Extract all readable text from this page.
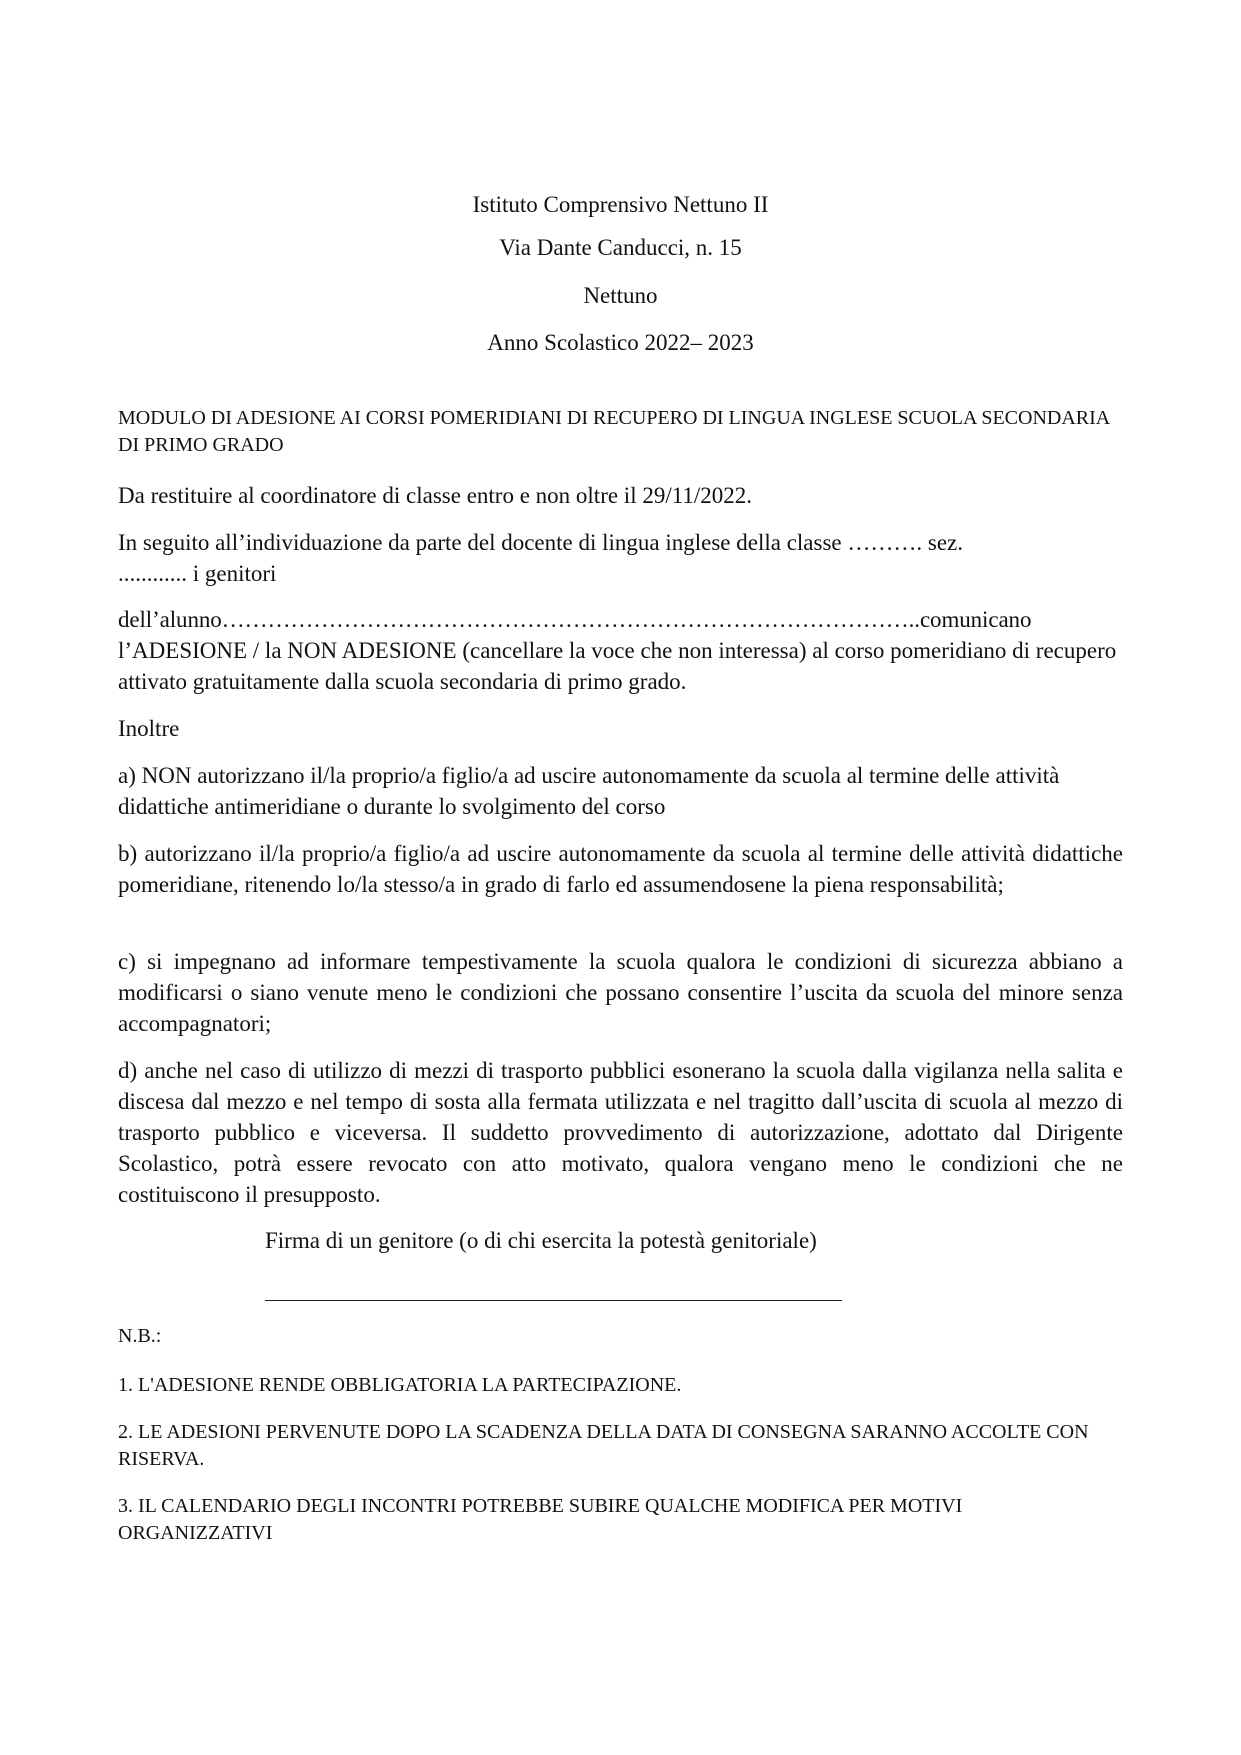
Istituto Comprensivo Nettuno II
Via Dante Canducci, n. 15
Nettuno
Anno Scolastico 2022– 2023
MODULO DI ADESIONE AI CORSI POMERIDIANI DI RECUPERO DI LINGUA INGLESE SCUOLA SECONDARIA DI PRIMO GRADO
Da restituire al coordinatore di classe entro e non oltre il 29/11/2022.
In seguito all’individuazione da parte del docente di lingua inglese della classe ………. sez.
............ i genitori
dell’alunno………………………………………………………………………………..comunicano
l’ADESIONE / la NON ADESIONE (cancellare la voce che non interessa) al corso pomeridiano di recupero attivato gratuitamente dalla scuola secondaria di primo grado.
Inoltre
a) NON autorizzano il/la proprio/a figlio/a ad uscire autonomamente da scuola al termine delle attività didattiche antimeridiane o durante lo svolgimento del corso
b) autorizzano il/la proprio/a figlio/a ad uscire autonomamente da scuola al termine delle attività didattiche pomeridiane, ritenendo lo/la stesso/a in grado di farlo ed assumendosene la piena responsabilità;
c) si impegnano ad informare tempestivamente la scuola qualora le condizioni di sicurezza abbiano a modificarsi o siano venute meno le condizioni che possano consentire l’uscita da scuola del minore senza accompagnatori;
d) anche nel caso di utilizzo di mezzi di trasporto pubblici esonerano la scuola dalla vigilanza nella salita e discesa dal mezzo e nel tempo di sosta alla fermata utilizzata e nel tragitto dall’uscita di scuola al mezzo di trasporto pubblico e viceversa. Il suddetto provvedimento di autorizzazione, adottato dal Dirigente Scolastico, potrà essere revocato con atto motivato, qualora vengano meno le condizioni che ne costituiscono il presupposto.
Firma di un genitore (o di chi esercita la potestà genitoriale)
N.B.:
1. L'ADESIONE RENDE OBBLIGATORIA LA PARTECIPAZIONE.
2. LE ADESIONI PERVENUTE DOPO LA SCADENZA DELLA DATA DI CONSEGNA SARANNO ACCOLTE CON RISERVA.
3. IL CALENDARIO DEGLI INCONTRI POTREBBE SUBIRE QUALCHE MODIFICA PER MOTIVI ORGANIZZATIVI
